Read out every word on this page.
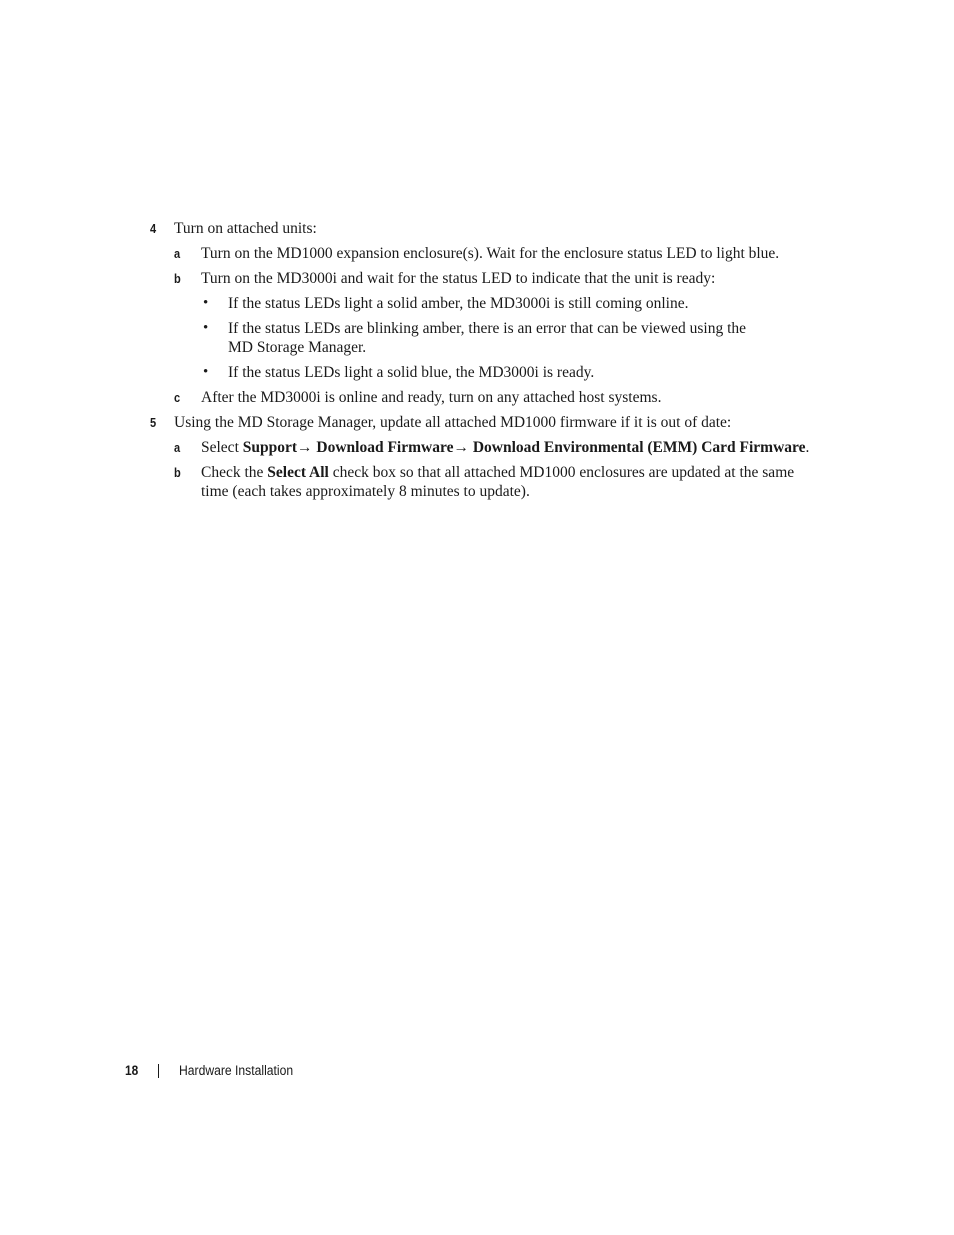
4 Turn on attached units:
a Turn on the MD1000 expansion enclosure(s). Wait for the enclosure status LED to light blue.
b Turn on the MD3000i and wait for the status LED to indicate that the unit is ready:
• If the status LEDs light a solid amber, the MD3000i is still coming online.
• If the status LEDs are blinking amber, there is an error that can be viewed using the
MD Storage Manager.
• If the status LEDs light a solid blue, the MD3000i is ready.
c After the MD3000i is online and ready, turn on any attached host systems.
5 Using the MD Storage Manager, update all attached MD1000 firmware if it is out of date:
a Select Support→ Download Firmware→ Download Environmental (EMM) Card Firmware.
b Check the Select All check box so that all attached MD1000 enclosures are updated at the same
time (each takes approximately 8 minutes to update).
18	Hardware Installation
